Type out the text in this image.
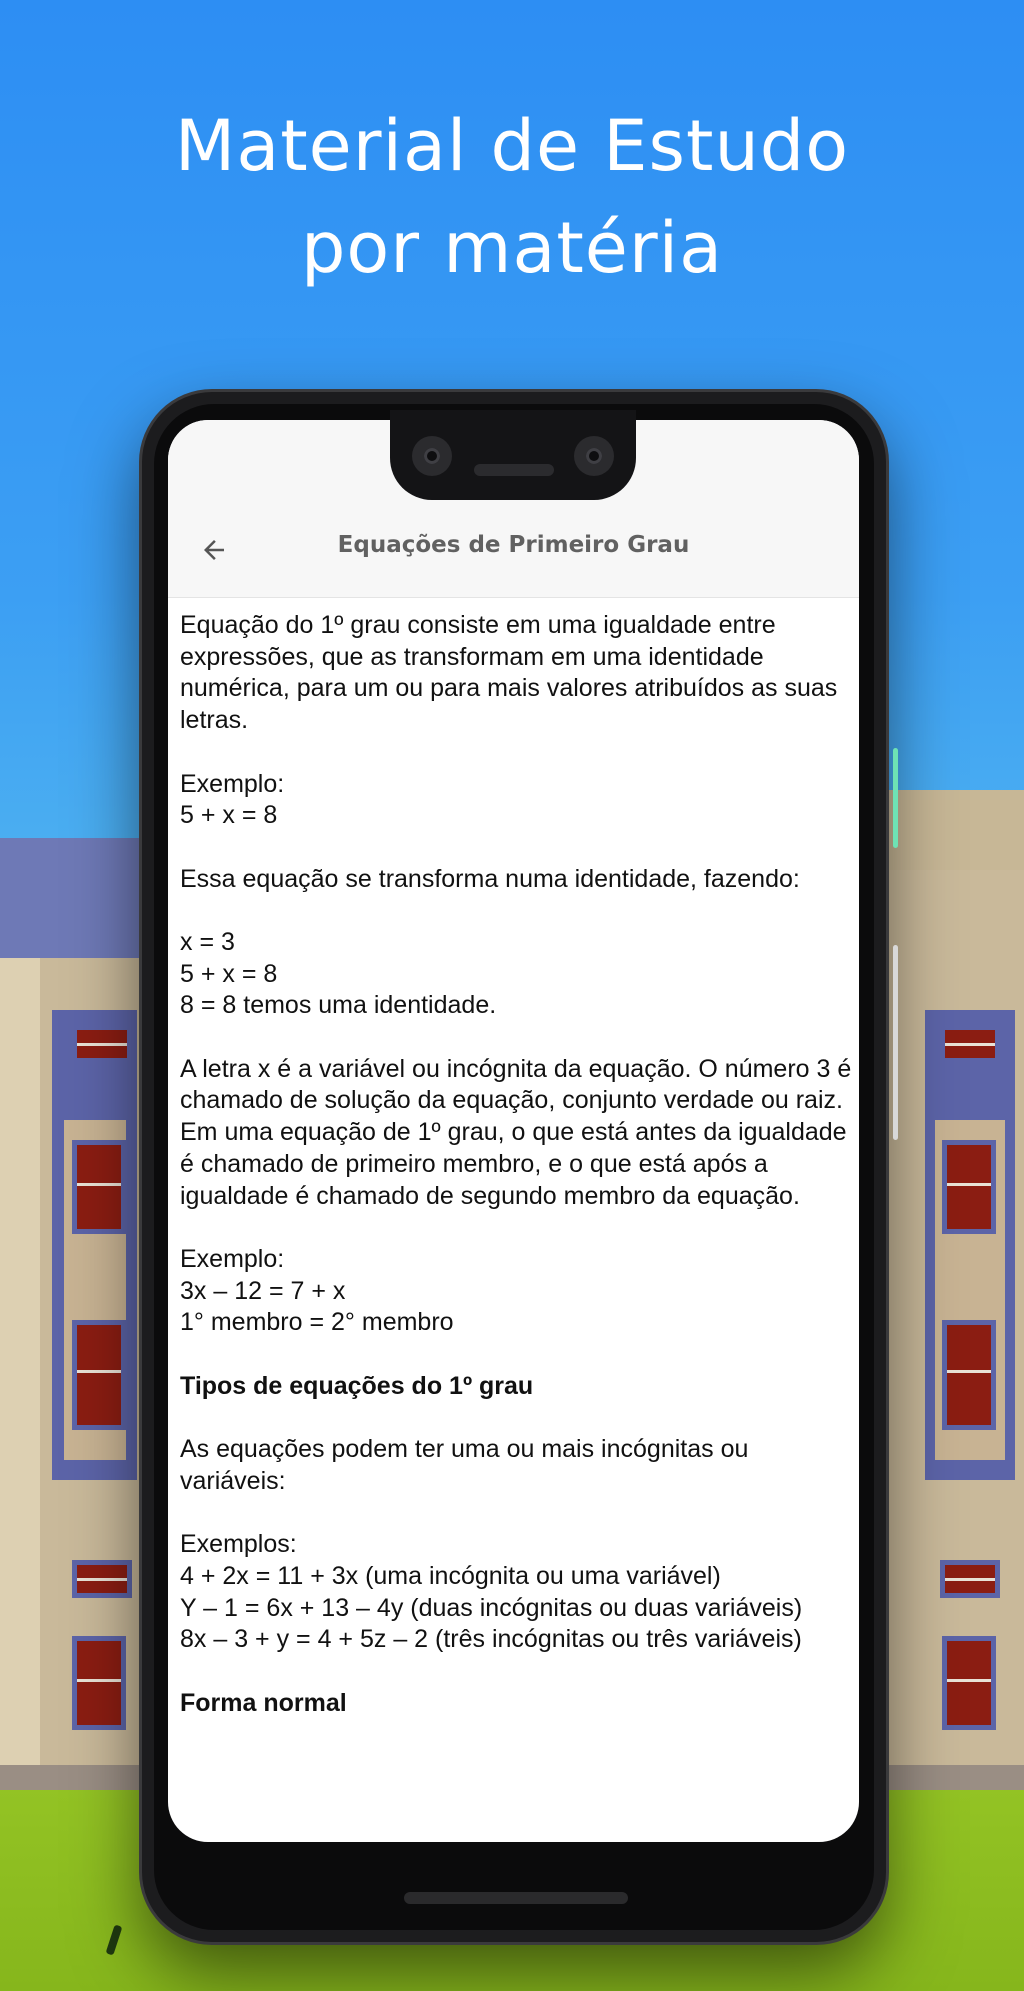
Material de Estudo
por matéria
Equações de Primeiro Grau

Equação do 1º grau consiste em uma igualdade entre expressões, que as transformam em uma identidade numérica, para um ou para mais valores atribuídos as suas letras.

Exemplo:

5 + x = 8

Essa equação se transforma numa identidade, fazendo:

x = 3

5 + x = 8

8 = 8 temos uma identidade.

A letra x é a variável ou incógnita da equação. O número 3 é chamado de solução da equação, conjunto verdade ou raiz.

Em uma equação de 1º grau, o que está antes da igualdade é chamado de primeiro membro, e o que está após a igualdade é chamado de segundo membro da equação.

Exemplo:

3x – 12 = 7 + x

1° membro = 2° membro

Tipos de equações do 1º grau

As equações podem ter uma ou mais incógnitas ou variáveis:

Exemplos:

4 + 2x = 11 + 3x (uma incógnita ou uma variável)

Y – 1 = 6x + 13 – 4y (duas incógnitas ou duas variáveis)

8x – 3 + y = 4 + 5z – 2 (três incógnitas ou três variáveis)

Forma normal
